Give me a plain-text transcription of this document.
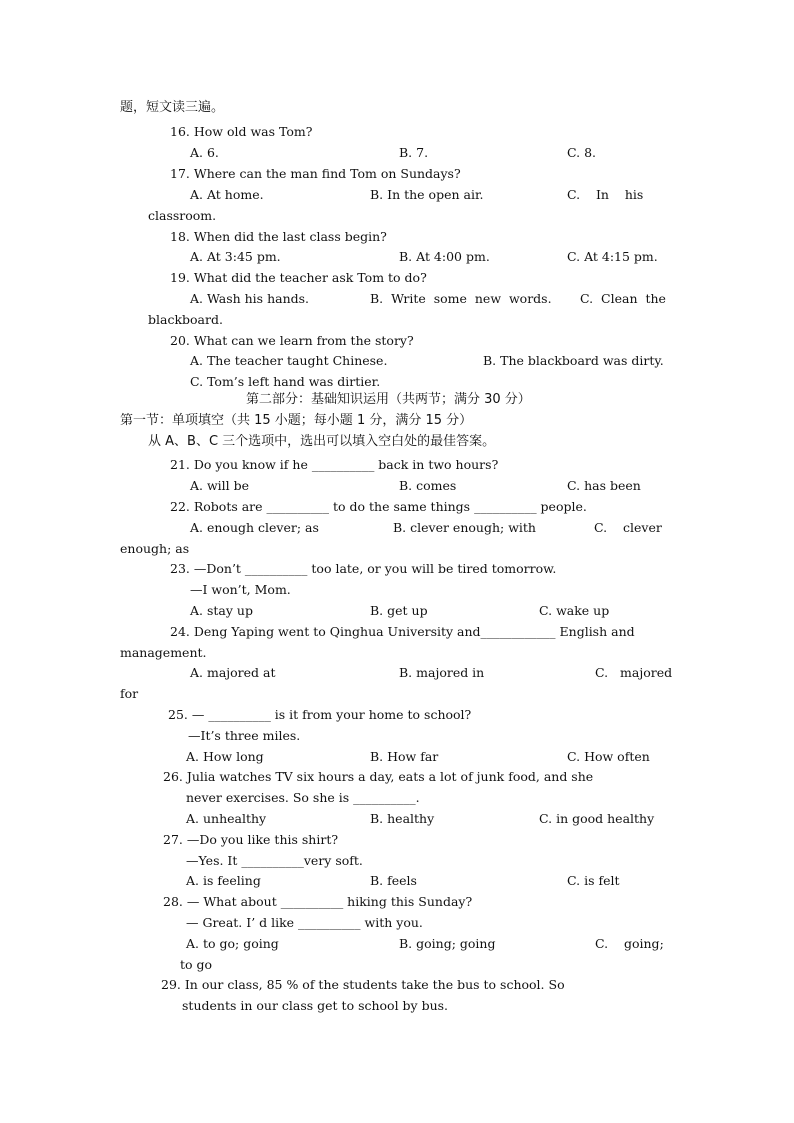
题，短文读三遍。
16. How old was Tom?
A. 6.	B. 7.	C. 8.
17. Where can the man find Tom on Sundays?
A. At home.	B. In the open air.	C.    In    his
classroom.
18. When did the last class begin?
A. At 3:45 pm.	B. At 4:00 pm.	C. At 4:15 pm.
19. What did the teacher ask Tom to do?
A. Wash his hands.	B.  Write  some  new  words. C.  Clean  the
blackboard.
20. What can we learn from the story?
A. The teacher taught Chinese.	B. The blackboard was dirty.
C. Tom’s left hand was dirtier.
第二部分：基础知识运用（共两节；满分 30 分）
第一节：单项填空（共 15 小题；每小题 1 分，满分 15 分）
从 A、B、C 三个选项中，选出可以填入空白处的最佳答案。
21. Do you know if he __________ back in two hours?
A. will be	B. comes	C. has been
22. Robots are __________ to do the same things __________ people.
A. enough clever; as	B. clever enough; with	C.    clever
enough; as
23. —Don’t __________ too late, or you will be tired tomorrow.
—I won’t, Mom.
A. stay up	B. get up	C. wake up
24. Deng Yaping went to Qinghua University and____________ English and
management.
A. majored at	B. majored in	C.   majored
for
25. — __________ is it from your home to school?
—It’s three miles.
A. How long	B. How far	C. How often
26. Julia watches TV six hours a day, eats a lot of junk food, and she
never exercises. So she is __________.
A. unhealthy	B. healthy	C. in good healthy
27. —Do you like this shirt?
—Yes. It __________very soft.
A. is feeling	B. feels	C. is felt
28. — What about __________ hiking this Sunday?
— Great. I’ d like __________ with you.
A. to go; going	B. going; going	C.    going;
to go
29. In our class, 85 % of the students take the bus to school. So
students in our class get to school by bus.
